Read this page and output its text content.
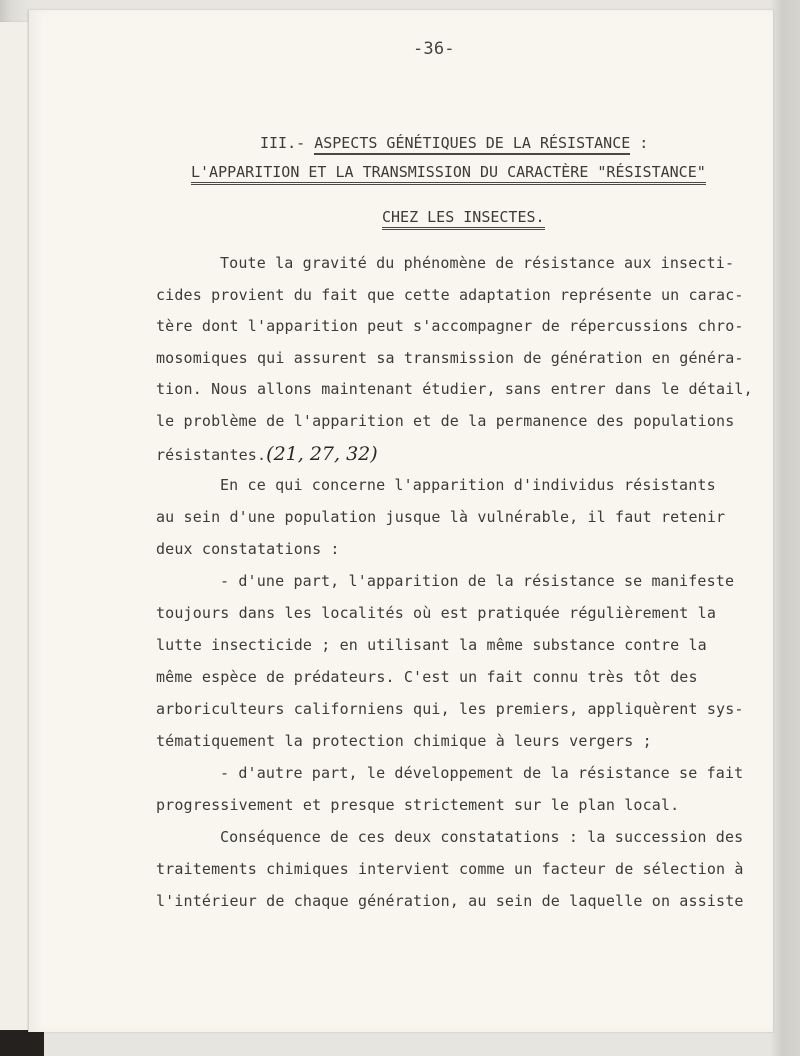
-36-
III.- ASPECTS GÉNÉTIQUES DE LA RÉSISTANCE :
L'APPARITION ET LA TRANSMISSION DU CARACTÈRE "RÉSISTANCE"
CHEZ LES INSECTES.
Toute la gravité du phénomène de résistance aux insecti-
cides provient du fait que cette adaptation représente un carac-
tère dont l'apparition peut s'accompagner de répercussions chro-
mosomiques qui assurent sa transmission de génération en généra-
tion. Nous allons maintenant étudier, sans entrer dans le détail,
le problème de l'apparition et de la permanence des populations
résistantes.(21, 27, 32)
En ce qui concerne l'apparition d'individus résistants
au sein d'une population jusque là vulnérable, il faut retenir
deux constatations :
- d'une part, l'apparition de la résistance se manifeste
toujours dans les localités où est pratiquée régulièrement la
lutte insecticide ; en utilisant la même substance contre la
même espèce de prédateurs. C'est un fait connu très tôt des
arboriculteurs californiens qui, les premiers, appliquèrent sys-
tématiquement la protection chimique à leurs vergers ;
- d'autre part, le développement de la résistance se fait
progressivement et presque strictement sur le plan local.
Conséquence de ces deux constatations : la succession des
traitements chimiques intervient comme un facteur de sélection à
l'intérieur de chaque génération, au sein de laquelle on assiste
